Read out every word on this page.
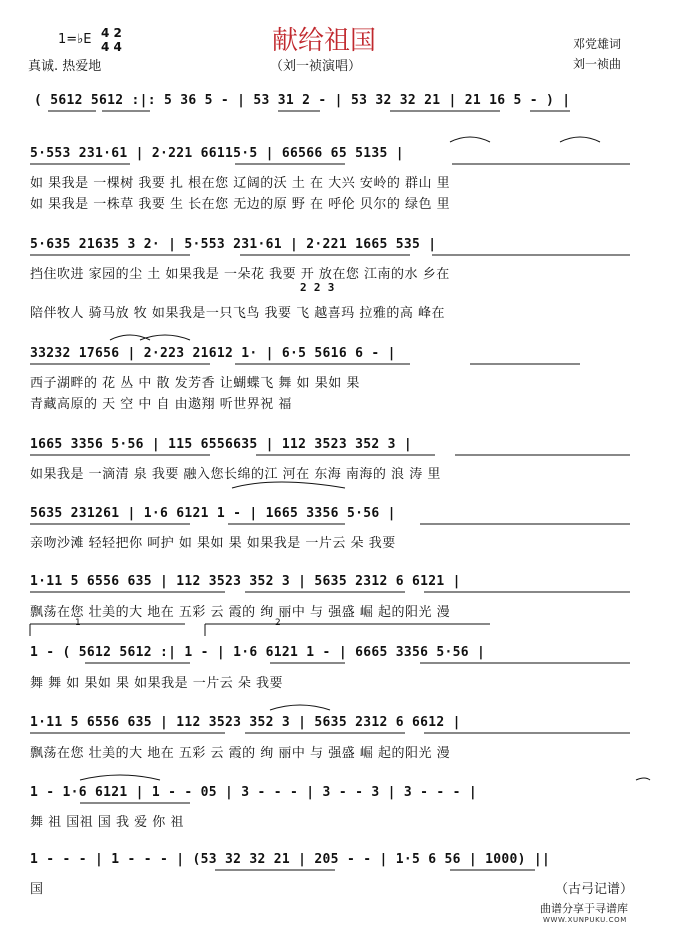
1=♭E 4 2
4 4
真诚. 热爱地
献给祖国
（刘一祯演唱）
邓党雄词
刘一祯曲
( 5612 5612 :|: 5 36 5 - | 53 31 2 - | 53 32 32 21 | 21 16 5 - ) |
5·553 231·61 | 2·221 66115·5 | 66566 65 5135 |
如 果我是 一棵树 我要 扎 根在您 辽阔的沃 土 在 大兴 安岭的 群山 里
如 果我是 一株草 我要 生 长在您 无边的原 野 在 呼伦 贝尔的 绿色 里
5·635 21635 3 2· | 5·553 231·61 | 2·221 1665 535 |
挡住吹进 家园的尘 土 如果我是 一朵花 我要 开 放在您 江南的水 乡在
2 2 3
陪伴牧人 骑马放 牧 如果我是一只飞鸟 我要 飞 越喜玛 拉雅的高 峰在
33232 17656 | 2·223 21612 1· | 6·5 5616 6 - |
西子湖畔的 花 丛 中 散 发芳香 让蝴蝶飞 舞 如 果如 果
青藏高原的 天 空 中 自 由遨翔 听世界祝 福
1665 3356 5·56 | 115 6556635 | 112 3523 352 3 |
如果我是 一滴清 泉 我要 融入您长绵的江 河在 东海 南海的 浪 涛 里
5635 231261 | 1·6 6121 1 - | 1665 3356 5·56 |
亲吻沙滩 轻轻把你 呵护 如 果如 果 如果我是 一片云 朵 我要
1·11 5 6556 635 | 112 3523 352 3 | 5635 2312 6 6121 |
飘荡在您 壮美的大 地在 五彩 云 霞的 绚 丽中 与 强盛 崛 起的阳光 漫
1	2
1 - ( 5612 5612 :| 1 - | 1·6 6121 1 - | 6665 3356 5·56 |
舞 舞 如 果如 果 如果我是 一片云 朵 我要
1·11 5 6556 635 | 112 3523 352 3 | 5635 2312 6 6612 |
飘荡在您 壮美的大 地在 五彩 云 霞的 绚 丽中 与 强盛 崛 起的阳光 漫
1 - 1·6 6121 | 1 - - 05 | 3 - - - | 3 - - 3 | 3 - - - |
舞 祖 国祖 国 我 爱 你 祖
1 - - - | 1 - - - | (53 32 32 21 | 205 - - | 1·5 6 56 | 1000) ||
国	（古弓记谱）
曲谱分享于寻谱库
WWW.XUNPUKU.COM
